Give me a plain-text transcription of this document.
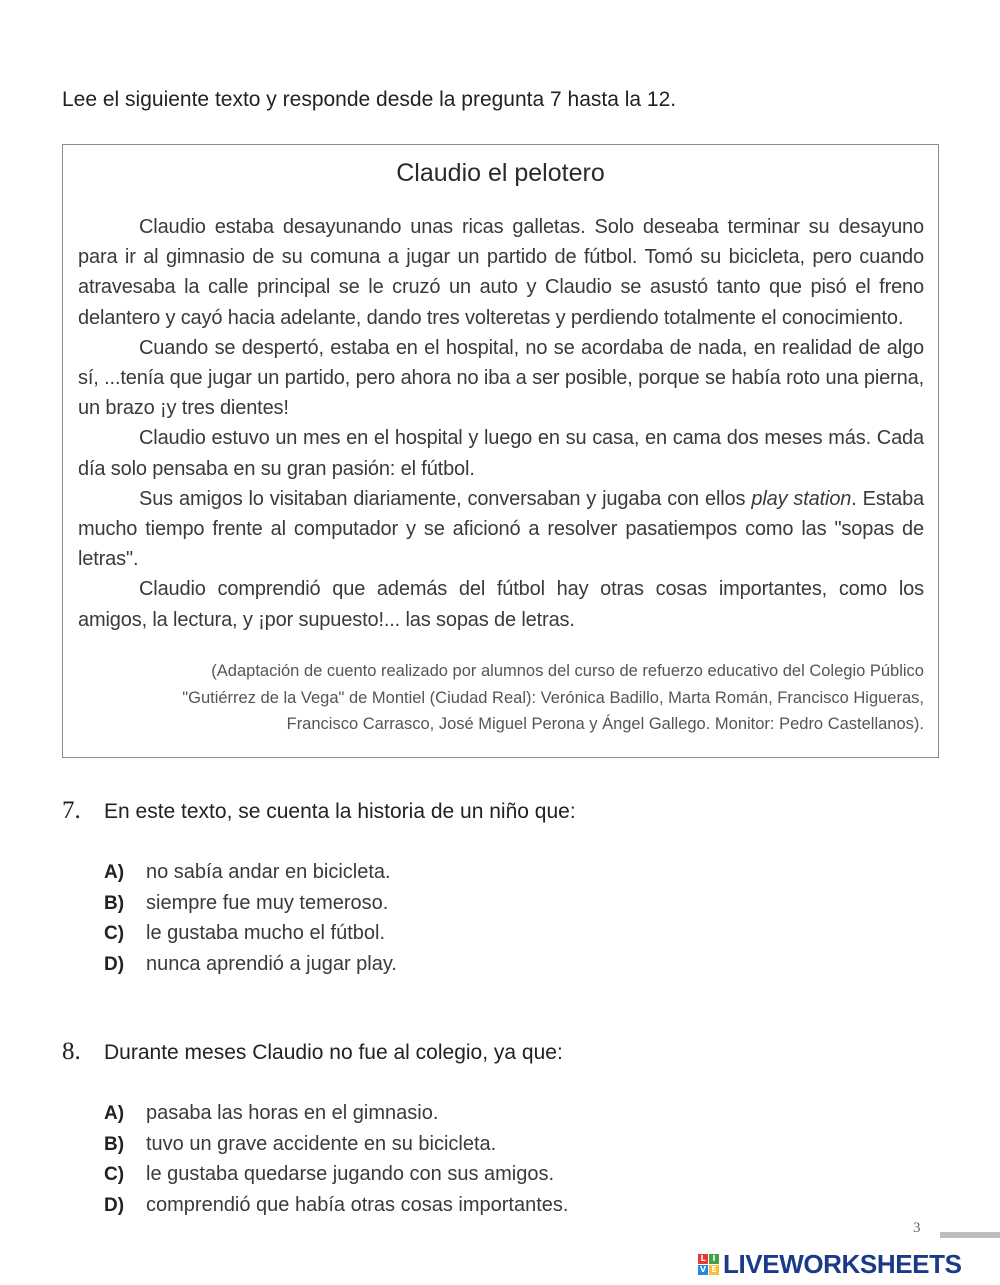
Lee el siguiente texto y responde desde la pregunta 7 hasta la 12.
Claudio el pelotero

Claudio estaba desayunando unas ricas galletas. Solo deseaba terminar su desayuno para ir al gimnasio de su comuna a jugar un partido de fútbol. Tomó su bicicleta, pero cuando atravesaba la calle principal se le cruzó un auto y Claudio se asustó tanto que pisó el freno delantero y cayó hacia adelante, dando tres volteretas y perdiendo totalmente el conocimiento.

Cuando se despertó, estaba en el hospital, no se acordaba de nada, en realidad de algo sí, ...tenía que jugar un partido, pero ahora no iba a ser posible, porque se había roto una pierna, un brazo ¡y tres dientes!

Claudio estuvo un mes en el hospital y luego en su casa, en cama dos meses más. Cada día solo pensaba en su gran pasión: el fútbol.

Sus amigos lo visitaban diariamente, conversaban y jugaba con ellos play station. Estaba mucho tiempo frente al computador y se aficionó a resolver pasatiempos como las "sopas de letras".

Claudio comprendió que además del fútbol hay otras cosas importantes, como los amigos, la lectura, y ¡por supuesto!... las sopas de letras.

(Adaptación de cuento realizado por alumnos del curso de refuerzo educativo del Colegio Público
"Gutiérrez de la Vega" de Montiel (Ciudad Real): Verónica Badillo, Marta Román, Francisco Higueras,
Francisco Carrasco, José Miguel Perona y Ángel Gallego. Monitor: Pedro Castellanos).
7. En este texto, se cuenta la historia de un niño que:
A) no sabía andar en bicicleta.
B) siempre fue muy temeroso.
C) le gustaba mucho el fútbol.
D) nunca aprendió a jugar play.
8. Durante meses Claudio no fue al colegio, ya que:
A) pasaba las horas en el gimnasio.
B) tuvo un grave accidente en su bicicleta.
C) le gustaba quedarse jugando con sus amigos.
D) comprendió que había otras cosas importantes.
3
L I
V E LIVEWORKSHEETS
